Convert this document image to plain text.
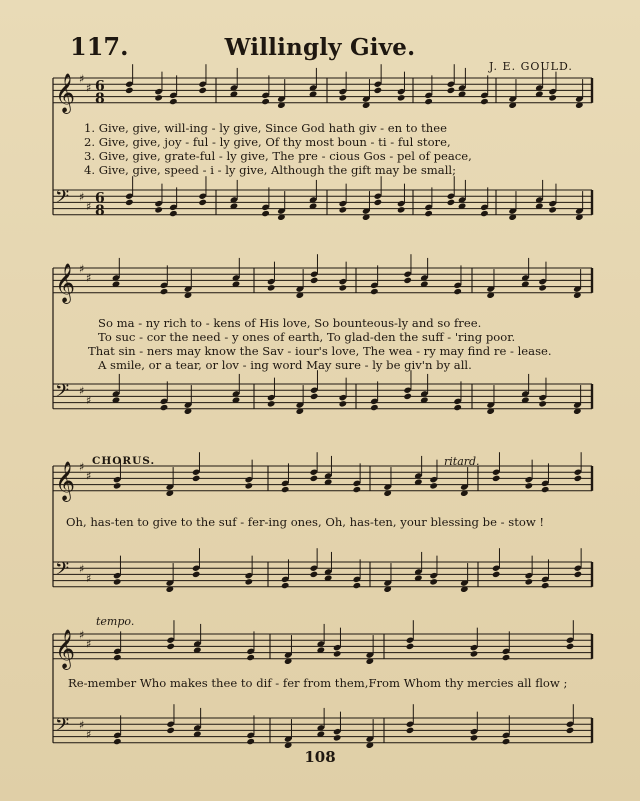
117.	Willingly Give.
J. E. GOULD.
𝄞 ♯
♯ 6
8
𝄢 ♯
♯ 6
8
𝄞 ♯
♯
𝄢 ♯
♯
𝄞 ♯
♯
𝄢 ♯
♯
𝄞 ♯
♯
𝄢 ♯
♯
1. Give, give, will-ing - ly give, Since God hath giv - en to thee
2. Give, give, joy - ful - ly give, Of thy most boun - ti - ful store,
3. Give, give, grate-ful - ly give, The pre - cious Gos - pel of peace,
4. Give, give, speed - i - ly give, Although the gift may be small;
So ma - ny rich to - kens of His love, So bounteous-ly and so free.
To suc - cor the need - y ones of earth, To glad-den the suff - 'ring poor.
That sin - ners may know the Sav - iour's love, The wea - ry may find re - lease.
A smile, or a tear, or lov - ing word May sure - ly be giv'n by all.
CHORUS.	ritard.
Oh, has-ten to give to the suf - fer-ing ones, Oh, has-ten, your blessing be - stow !
tempo.
Re-member Who makes thee to dif - fer from them,From Whom thy mercies all flow ;
108
